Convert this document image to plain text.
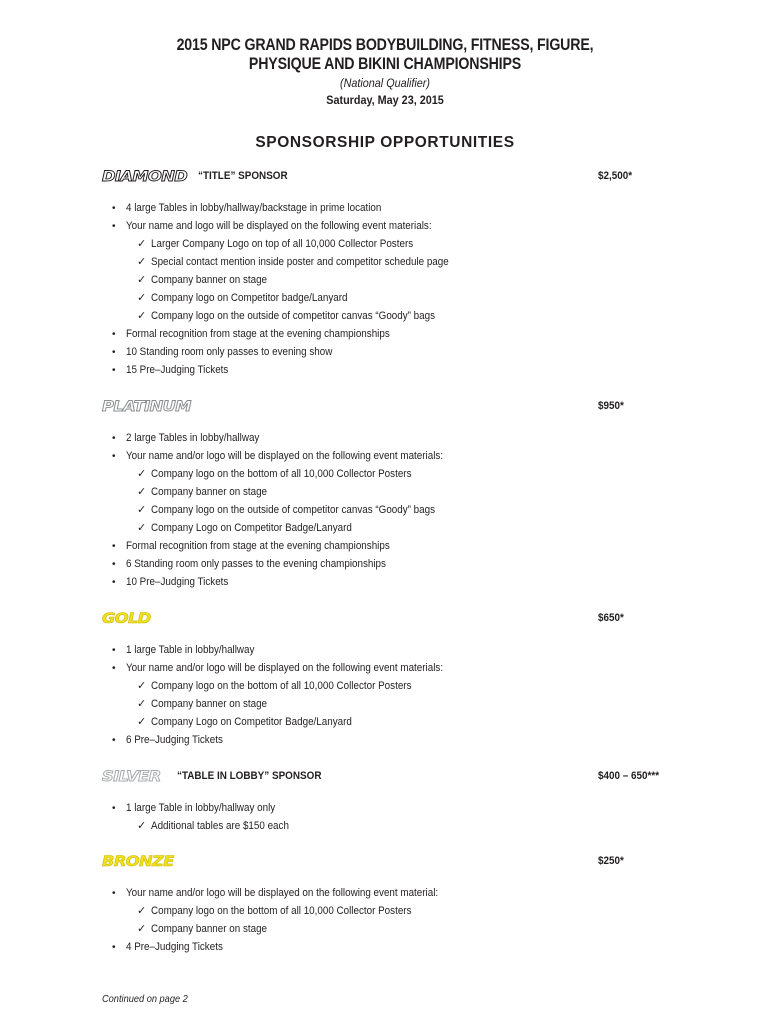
2015 NPC GRAND RAPIDS BODYBUILDING, FITNESS, FIGURE,
PHYSIQUE AND BIKINI CHAMPIONSHIPS
(National Qualifier)
Saturday, May 23, 2015
SPONSORSHIP OPPORTUNITIES
DIAMOND “TITLE” SPONSOR	$2,500*
• 4 large Tables in lobby/hallway/backstage in prime location
• Your name and logo will be displayed on the following event materials:
✓ Larger Company Logo on top of all 10,000 Collector Posters
✓ Special contact mention inside poster and competitor schedule page
✓ Company banner on stage
✓ Company logo on Competitor badge/Lanyard
✓ Company logo on the outside of competitor canvas “Goody” bags
• Formal recognition from stage at the evening championships
• 10 Standing room only passes to evening show
• 15 Pre–Judging Tickets
PLATINUM	$950*
• 2 large Tables in lobby/hallway
• Your name and/or logo will be displayed on the following event materials:
✓ Company logo on the bottom of all 10,000 Collector Posters
✓ Company banner on stage
✓ Company logo on the outside of competitor canvas “Goody” bags
✓ Company Logo on Competitor Badge/Lanyard
• Formal recognition from stage at the evening championships
• 6 Standing room only passes to the evening championships
• 10 Pre–Judging Tickets
GOLD	$650*
• 1 large Table in lobby/hallway
• Your name and/or logo will be displayed on the following event materials:
✓ Company logo on the bottom of all 10,000 Collector Posters
✓ Company banner on stage
✓ Company Logo on Competitor Badge/Lanyard
• 6 Pre–Judging Tickets
SILVER “TABLE IN LOBBY” SPONSOR	$400 – 650***
• 1 large Table in lobby/hallway only
✓ Additional tables are $150 each
BRONZE	$250*
• Your name and/or logo will be displayed on the following event material:
✓ Company logo on the bottom of all 10,000 Collector Posters
✓ Company banner on stage
• 4 Pre–Judging Tickets
Continued on page 2
